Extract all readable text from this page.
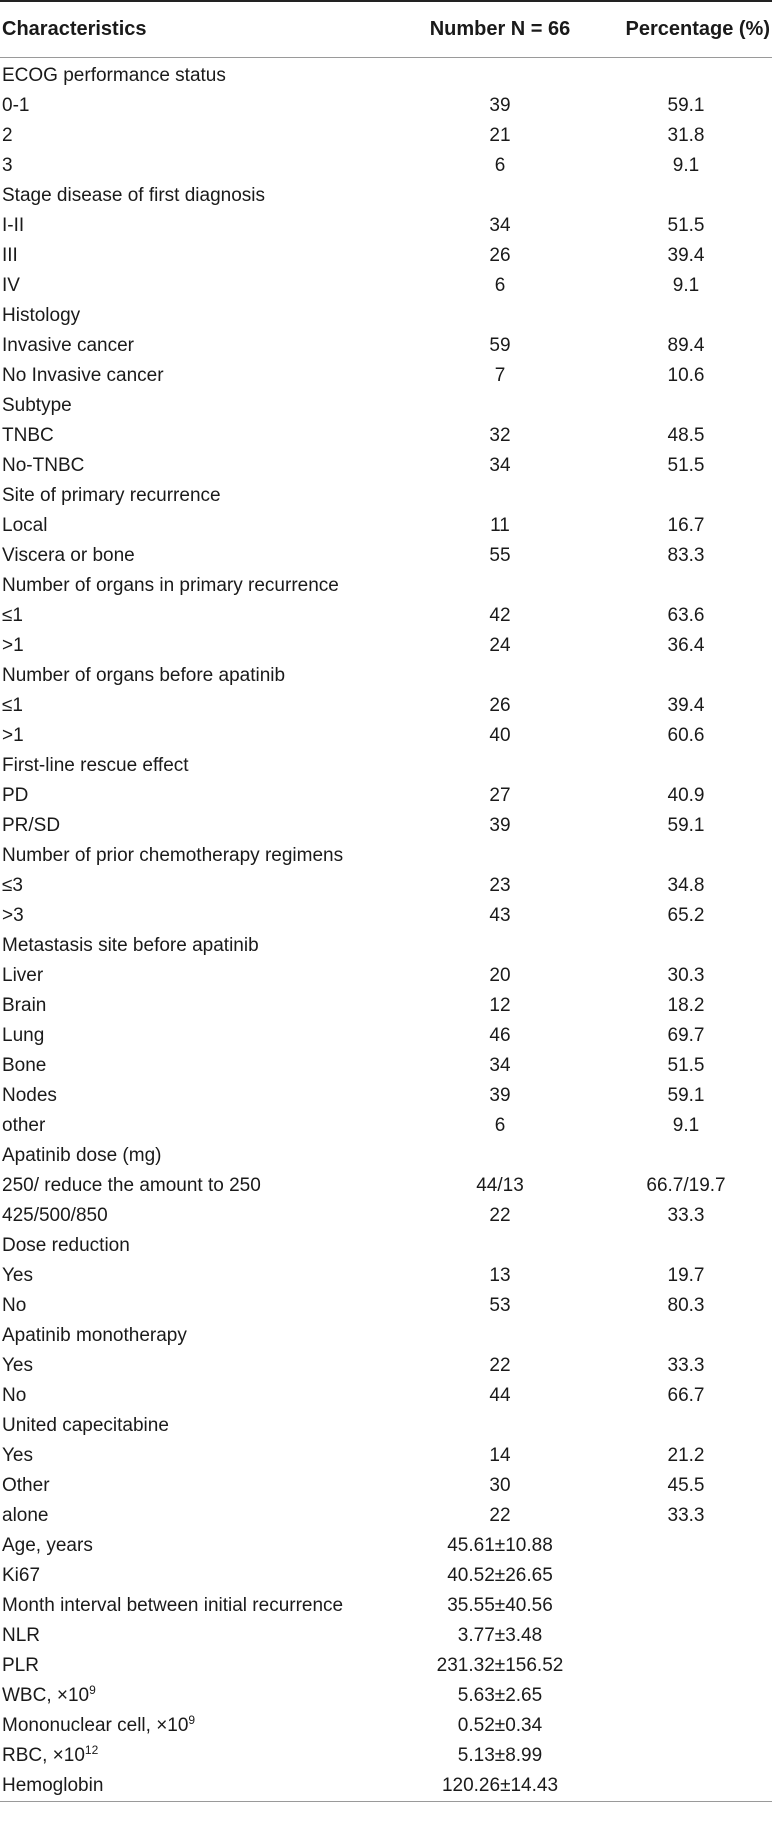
Characteristics	Number N = 66	Percentage (%)
ECOG performance status
0-1	39	59.1
2	21	31.8
3	6	9.1
Stage disease of first diagnosis
I-II	34	51.5
III	26	39.4
IV	6	9.1
Histology
Invasive cancer	59	89.4
No Invasive cancer	7	10.6
Subtype
TNBC	32	48.5
No-TNBC	34	51.5
Site of primary recurrence
Local	11	16.7
Viscera or bone	55	83.3
Number of organs in primary recurrence
≤1	42	63.6
>1	24	36.4
Number of organs before apatinib
≤1	26	39.4
>1	40	60.6
First-line rescue effect
PD	27	40.9
PR/SD	39	59.1
Number of prior chemotherapy regimens
≤3	23	34.8
>3	43	65.2
Metastasis site before apatinib
Liver	20	30.3
Brain	12	18.2
Lung	46	69.7
Bone	34	51.5
Nodes	39	59.1
other	6	9.1
Apatinib dose (mg)
250/ reduce the amount to 250	44/13	66.7/19.7
425/500/850	22	33.3
Dose reduction
Yes	13	19.7
No	53	80.3
Apatinib monotherapy
Yes	22	33.3
No	44	66.7
United capecitabine
Yes	14	21.2
Other	30	45.5
alone	22	33.3
Age, years	45.61±10.88
Ki67	40.52±26.65
Month interval between initial recurrence	35.55±40.56
NLR	3.77±3.48
PLR	231.32±156.52
WBC, $\times 10^9$	5.63±2.65
Mononuclear cell, $\times 10^9$	0.52±0.34
RBC, $\times 10^{12}$	5.13±8.99
Hemoglobin	120.26±14.43
